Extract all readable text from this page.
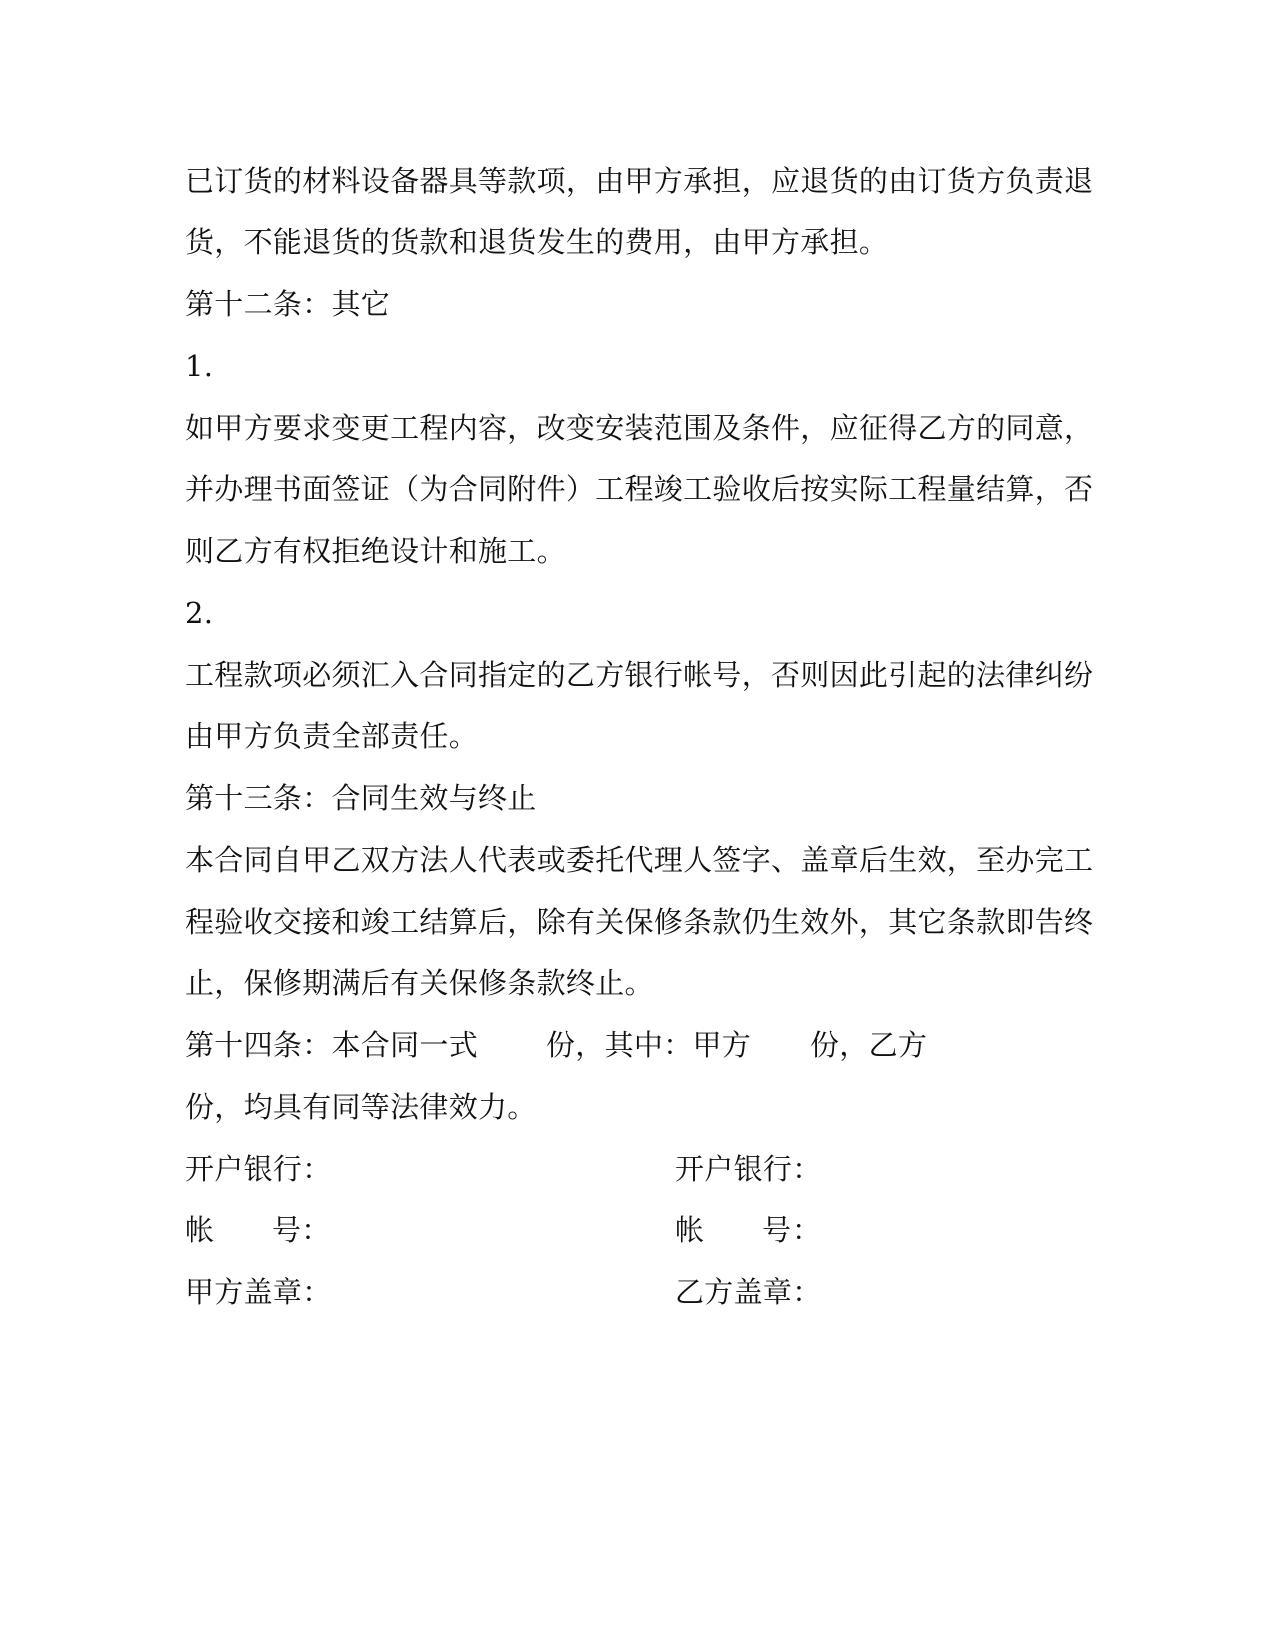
已订货的材料设备器具等款项，由甲方承担，应退货的由订货方负责退
货，不能退货的货款和退货发生的费用，由甲方承担。
第十二条：其它
1.
如甲方要求变更工程内容，改变安装范围及条件，应征得乙方的同意，
并办理书面签证（为合同附件）工程竣工验收后按实际工程量结算，否
则乙方有权拒绝设计和施工。
2.
工程款项必须汇入合同指定的乙方银行帐号，否则因此引起的法律纠纷
由甲方负责全部责任。
第十三条：合同生效与终止
本合同自甲乙双方法人代表或委托代理人签字、盖章后生效，至办完工
程验收交接和竣工结算后，除有关保修条款仍生效外，其它条款即告终
止，保修期满后有关保修条款终止。
第十四条：本合同一式 份，其中：甲方 份，乙方
份，均具有同等法律效力。
开户银行：
帐 号：
甲方盖章：
开户银行：
帐 号 ：
乙方盖章：
